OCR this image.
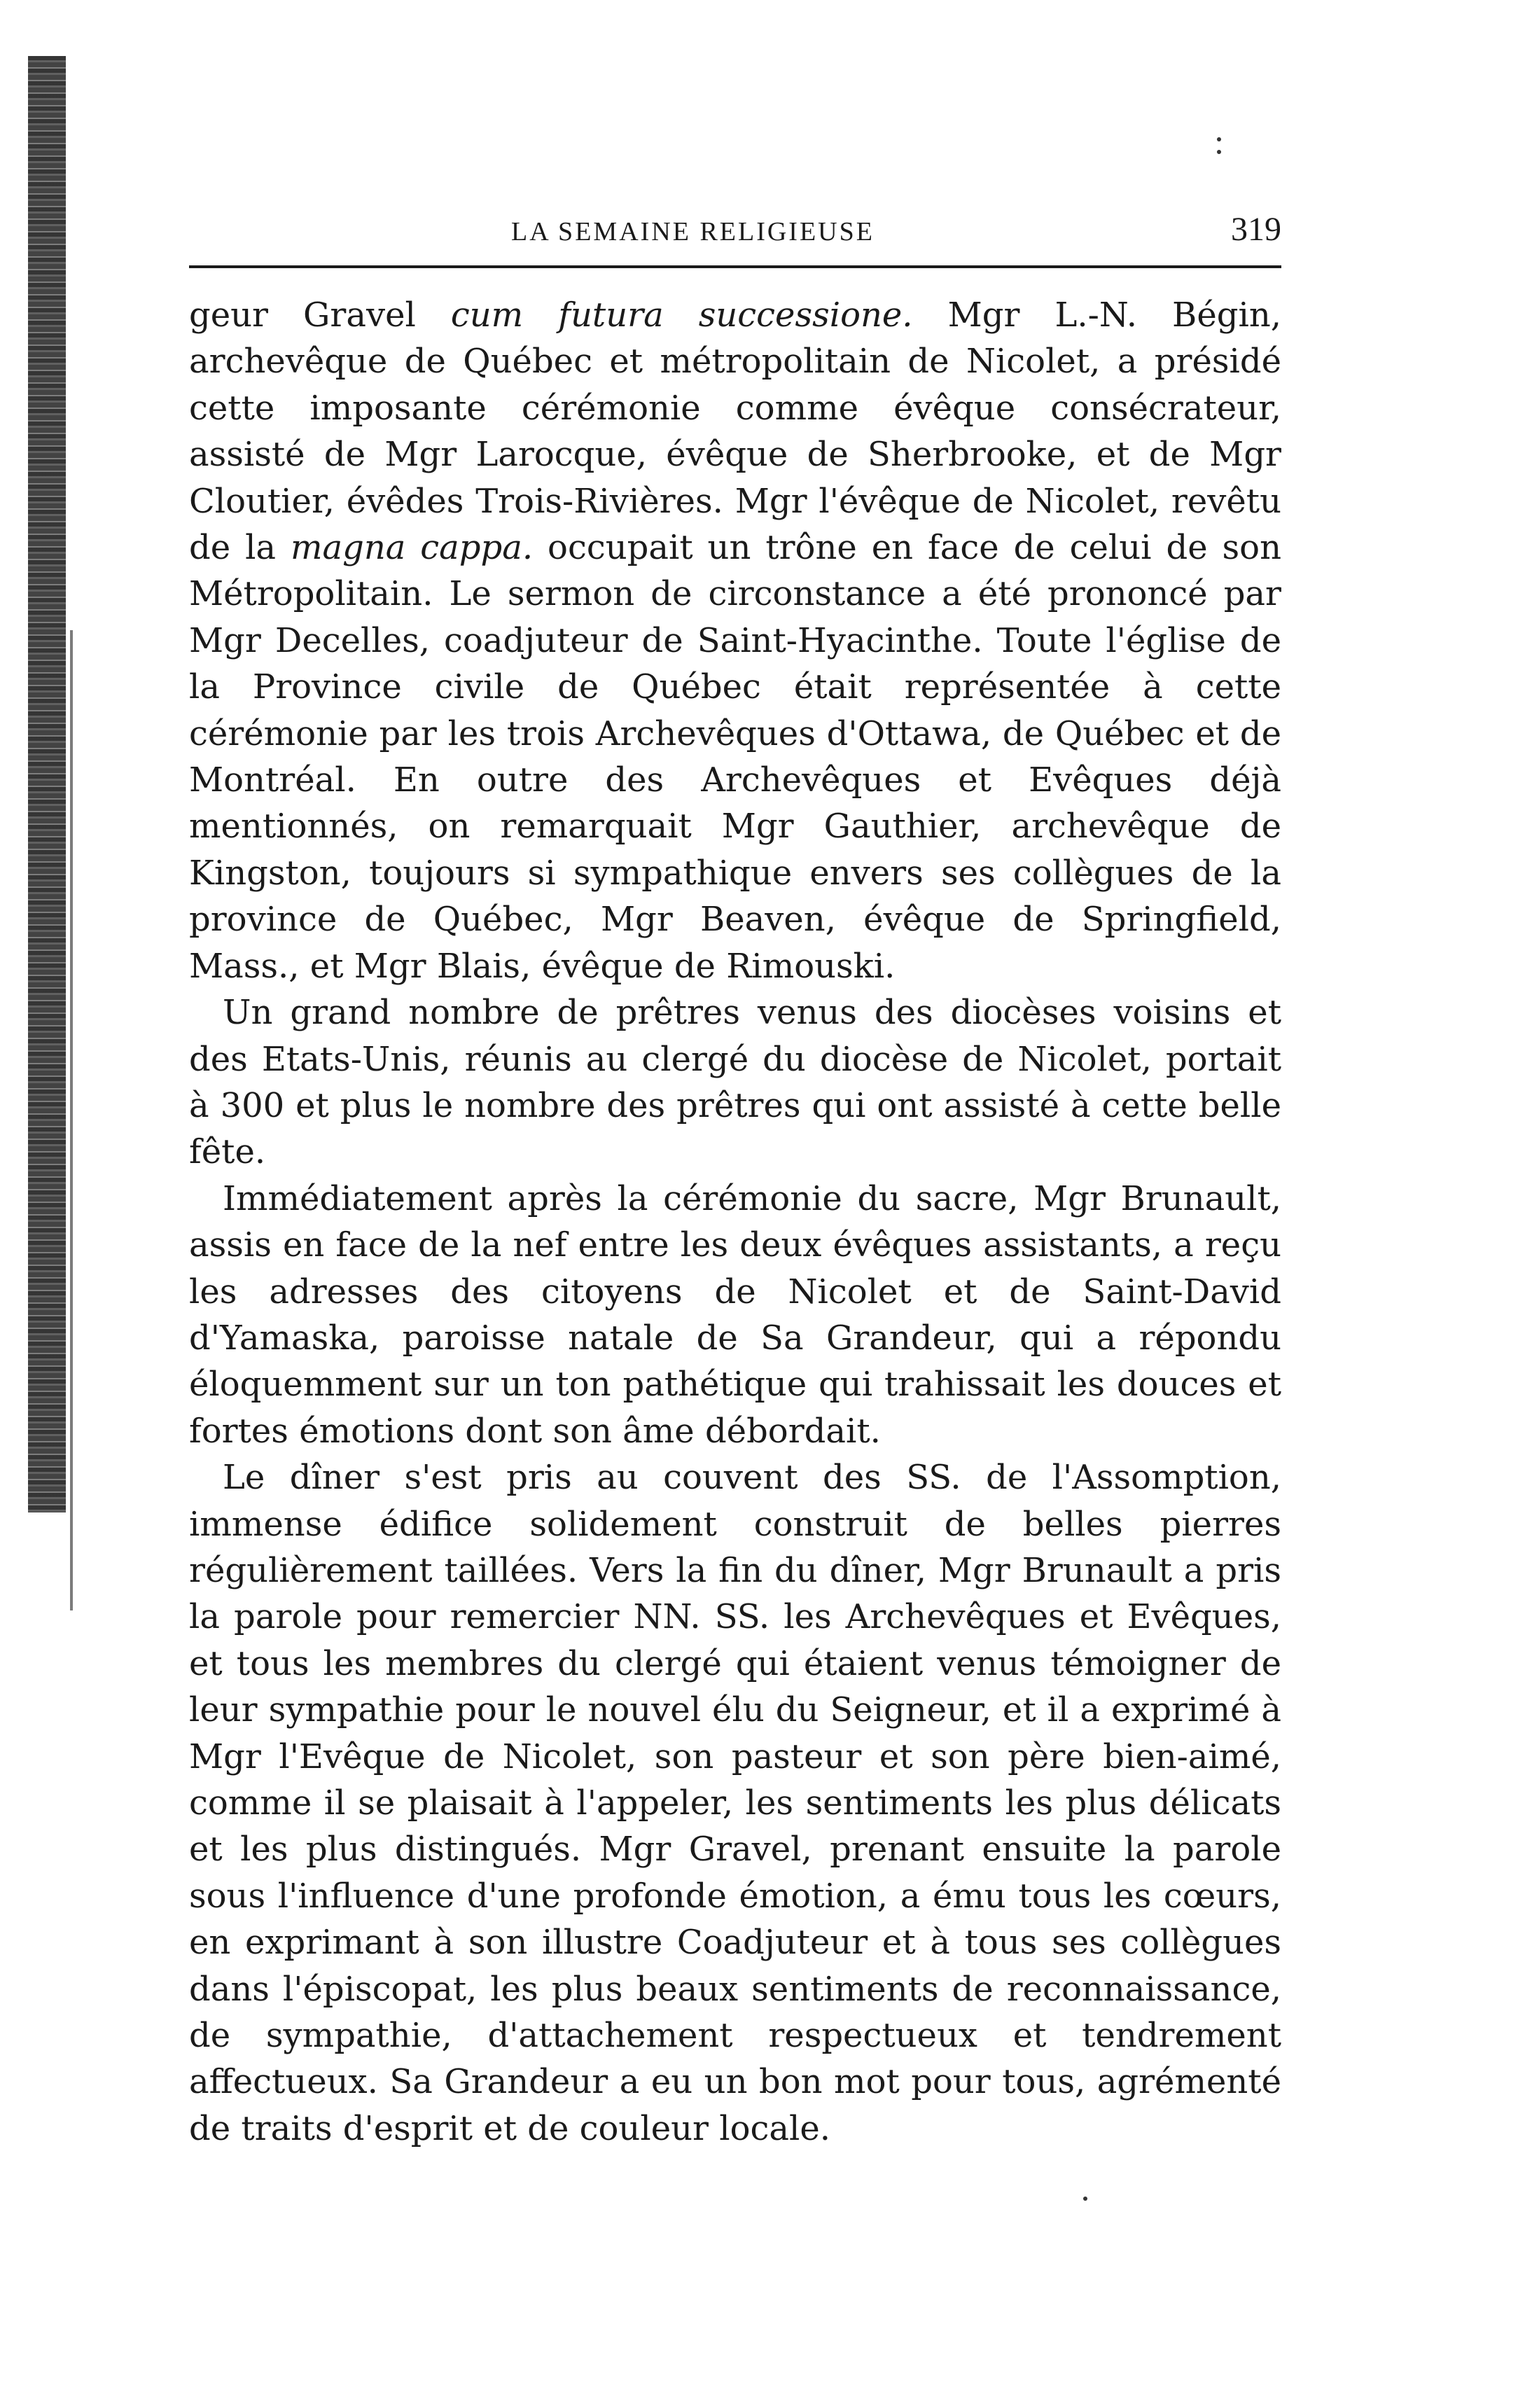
LA SEMAINE RELIGIEUSE	319

geur Gravel cum futura successione. Mgr L.-N. Bégin, archevêque de Québec et métropolitain de Nicolet, a présidé cette imposante cérémonie comme évêque consécrateur, assisté de Mgr Larocque, évêque de Sherbrooke, et de Mgr Cloutier, évêdes Trois-Rivières. Mgr l'évêque de Nicolet, revêtu de la magna cappa. occupait un trône en face de celui de son Métropolitain. Le sermon de circonstance a été prononcé par Mgr Decelles, coadjuteur de Saint-Hyacinthe. Toute l'église de la Province civile de Québec était représentée à cette cérémonie par les trois Archevêques d'Ottawa, de Québec et de Montréal. En outre des Archevêques et Evêques déjà mentionnés, on remarquait Mgr Gauthier, archevêque de Kingston, toujours si sympathique envers ses collègues de la province de Québec, Mgr Beaven, évêque de Springfield, Mass., et Mgr Blais, évêque de Rimouski.

Un grand nombre de prêtres venus des diocèses voisins et des Etats-Unis, réunis au clergé du diocèse de Nicolet, portait à 300 et plus le nombre des prêtres qui ont assisté à cette belle fête.

Immédiatement après la cérémonie du sacre, Mgr Brunault, assis en face de la nef entre les deux évêques assistants, a reçu les adresses des citoyens de Nicolet et de Saint-David d'Yamaska, paroisse natale de Sa Grandeur, qui a répondu éloquemment sur un ton pathétique qui trahissait les douces et fortes émotions dont son âme débordait.

Le dîner s'est pris au couvent des SS. de l'Assomption, immense édifice solidement construit de belles pierres régulièrement taillées. Vers la fin du dîner, Mgr Brunault a pris la parole pour remercier NN. SS. les Archevêques et Evêques, et tous les membres du clergé qui étaient venus témoigner de leur sympathie pour le nouvel élu du Seigneur, et il a exprimé à Mgr l'Evêque de Nicolet, son pasteur et son père bien-aimé, comme il se plaisait à l'appeler, les sentiments les plus délicats et les plus distingués. Mgr Gravel, prenant ensuite la parole sous l'influence d'une profonde émotion, a ému tous les cœurs, en exprimant à son illustre Coadjuteur et à tous ses collègues dans l'épiscopat, les plus beaux sentiments de reconnaissance, de sympathie, d'attachement respectueux et tendrement affectueux. Sa Grandeur a eu un bon mot pour tous, agrémenté de traits d'esprit et de couleur locale.
